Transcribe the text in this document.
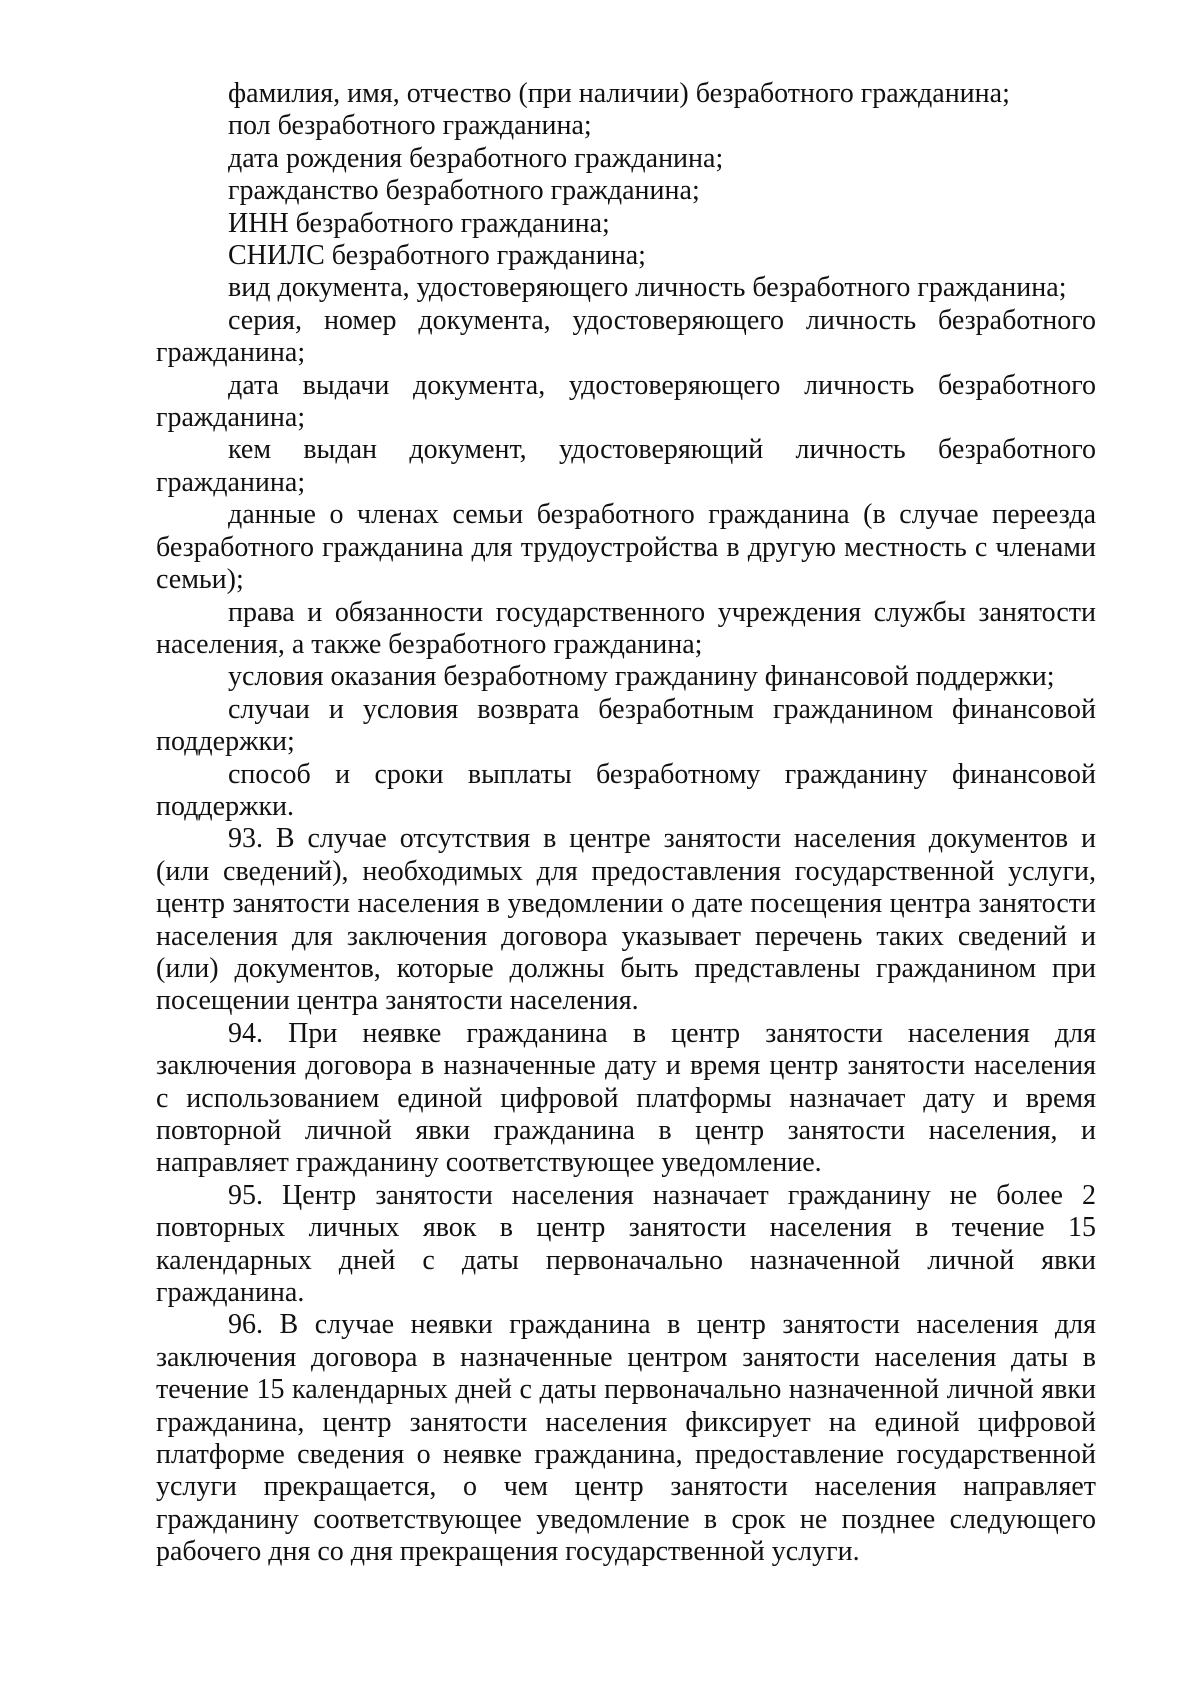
фамилия, имя, отчество (при наличии) безработного гражданина;

пол безработного гражданина;

дата рождения безработного гражданина;

гражданство безработного гражданина;

ИНН безработного гражданина;

СНИЛС безработного гражданина;

вид документа, удостоверяющего личность безработного гражданина;

серия, номер документа, удостоверяющего личность безработного гражданина;

дата выдачи документа, удостоверяющего личность безработного гражданина;

кем выдан документ, удостоверяющий личность безработного гражданина;

данные о членах семьи безработного гражданина (в случае переезда безработного гражданина для трудоустройства в другую местность с членами семьи);

права и обязанности государственного учреждения службы занятости населения, а также безработного гражданина;

условия оказания безработному гражданину финансовой поддержки;

случаи и условия возврата безработным гражданином финансовой поддержки;

способ и сроки выплаты безработному гражданину финансовой поддержки.

93. В случае отсутствия в центре занятости населения документов и (или сведений), необходимых для предоставления государственной услуги, центр занятости населения в уведомлении о дате посещения центра занятости населения для заключения договора указывает перечень таких сведений и (или) документов, которые должны быть представлены гражданином при посещении центра занятости населения.

94. При неявке гражданина в центр занятости населения для заключения договора в назначенные дату и время центр занятости населения с использованием единой цифровой платформы назначает дату и время повторной личной явки гражданина в центр занятости населения, и направляет гражданину соответствующее уведомление.

95. Центр занятости населения назначает гражданину не более 2 повторных личных явок в центр занятости населения в течение 15 календарных дней с даты первоначально назначенной личной явки гражданина.

96. В случае неявки гражданина в центр занятости населения для заключения договора в назначенные центром занятости населения даты в течение 15 календарных дней с даты первоначально назначенной личной явки гражданина, центр занятости населения фиксирует на единой цифровой платформе сведения о неявке гражданина, предоставление государственной услуги прекращается, о чем центр занятости населения направляет гражданину соответствующее уведомление в срок не позднее следующего рабочего дня со дня прекращения государственной услуги.
